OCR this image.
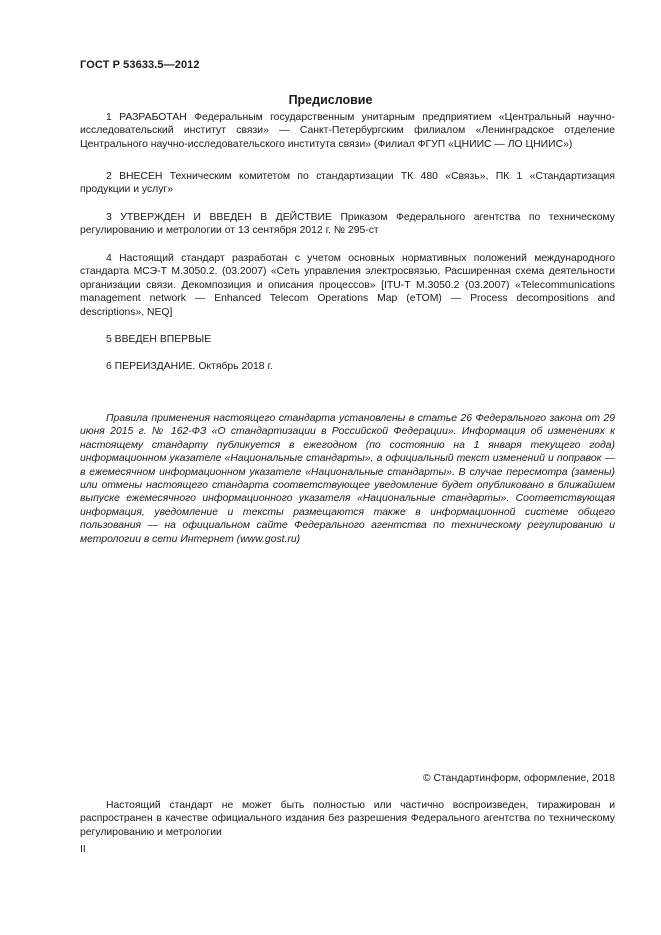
ГОСТ Р 53633.5—2012
Предисловие

1 РАЗРАБОТАН Федеральным государственным унитарным предприятием «Центральный научно-исследовательский институт связи» — Санкт-Петербургским филиалом «Ленинградское отделение Центрального научно-исследовательского института связи» (Филиал ФГУП «ЦНИИС — ЛО ЦНИИС»)

2 ВНЕСЕН Техническим комитетом по стандартизации ТК 480 «Связь», ПК 1 «Стандартизация продукции и услуг»

3 УТВЕРЖДЕН И ВВЕДЕН В ДЕЙСТВИЕ Приказом Федерального агентства по техническому регулированию и метрологии от 13 сентября 2012 г. № 295-ст

4 Настоящий стандарт разработан с учетом основных нормативных положений международного стандарта МСЭ-Т М.3050.2. (03.2007) «Сеть управления электросвязью. Расширенная схема деятельности организации связи. Декомпозиция и описания процессов» [ITU-T M.3050.2 (03.2007) «Telecommunications management network — Enhanced Telecom Operations Map (eTOM) — Process decompositions and descriptions», NEQ]

5 ВВЕДЕН ВПЕРВЫЕ

6 ПЕРЕИЗДАНИЕ. Октябрь 2018 г.

Правила применения настоящего стандарта установлены в статье 26 Федерального закона от 29 июня 2015 г. № 162-ФЗ «О стандартизации в Российской Федерации». Информация об изменениях к настоящему стандарту публикуется в ежегодном (по состоянию на 1 января текущего года) информационном указателе «Национальные стандарты», а официальный текст изменений и поправок — в ежемесячном информационном указателе «Национальные стандарты». В случае пересмотра (замены) или отмены настоящего стандарта соответствующее уведомление будет опубликовано в ближайшем выпуске ежемесячного информационного указателя «Национальные стандарты». Соответствующая информация, уведомление и тексты размещаются также в информационной системе общего пользования — на официальном сайте Федерального агентства по техническому регулированию и метрологии в сети Интернет (www.gost.ru)

© Стандартинформ, оформление, 2018

Настоящий стандарт не может быть полностью или частично воспроизведен, тиражирован и распространен в качестве официального издания без разрешения Федерального агентства по техническому регулированию и метрологии

II
